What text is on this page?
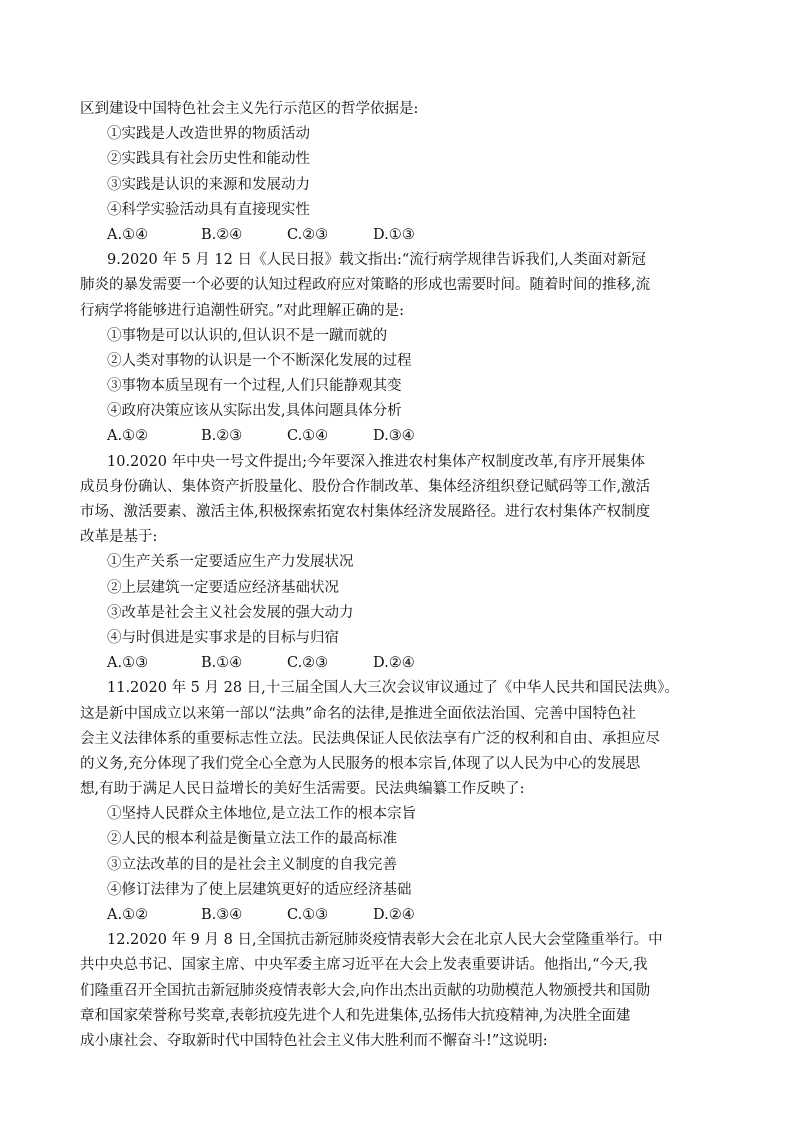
区到建设中国特色社会主义先行示范区的哲学依据是:
①实践是人改造世界的物质活动
②实践具有社会历史性和能动性
③实践是认识的来源和发展动力
④科学实验活动具有直接现实性
A.①④	B.②④	C.②③	D.①③
9.2020 年 5 月 12 日《人民日报》载文指出:“流行病学规律告诉我们,人类面对新冠
肺炎的暴发需要一个必要的认知过程政府应对策略的形成也需要时间。随着时间的推移,流
行病学将能够进行追潮性研究。”对此理解正确的是:
①事物是可以认识的,但认识不是一蹴而就的
②人类对事物的认识是一个不断深化发展的过程
③事物本质呈现有一个过程,人们只能静观其变
④政府决策应该从实际出发,具体问题具体分析
A.①②	B.②③	C.①④	D.③④
10.2020 年中央一号文件提出;今年要深入推进农村集体产权制度改革,有序开展集体
成员身份确认、集体资产折股量化、股份合作制改革、集体经济组织登记赋码等工作,激活
市场、激活要素、激活主体,积极探索拓宽农村集体经济发展路径。进行农村集体产权制度
改革是基于:
①生产关系一定要适应生产力发展状况
②上层建筑一定要适应经济基础状况
③改革是社会主义社会发展的强大动力
④与时俱进是实事求是的目标与归宿
A.①③	B.①④	C.②③	D.②④
11.2020 年 5 月 28 日,十三届全国人大三次会议审议通过了《中华人民共和国民法典》。
这是新中国成立以来第一部以“法典”命名的法律,是推进全面依法治国、完善中国特色社
会主义法律体系的重要标志性立法。民法典保证人民依法享有广泛的权利和自由、承担应尽
的义务,充分体现了我们党全心全意为人民服务的根本宗旨,体现了以人民为中心的发展思
想,有助于满足人民日益增长的美好生活需要。民法典编纂工作反映了:
①坚持人民群众主体地位,是立法工作的根本宗旨
②人民的根本利益是衡量立法工作的最高标准
③立法改革的目的是社会主义制度的自我完善
④修订法律为了使上层建筑更好的适应经济基础
A.①②	B.③④	C.①③	D.②④
12.2020 年 9 月 8 日,全国抗击新冠肺炎疫情表彰大会在北京人民大会堂隆重举行。中
共中央总书记、国家主席、中央军委主席习近平在大会上发表重要讲话。他指出,“今天,我
们隆重召开全国抗击新冠肺炎疫情表彰大会,向作出杰出贡献的功勋模范人物颁授共和国勋
章和国家荣誉称号奖章,表彰抗疫先进个人和先进集体,弘扬伟大抗疫精神,为决胜全面建
成小康社会、夺取新时代中国特色社会主义伟大胜利而不懈奋斗!”这说明:
